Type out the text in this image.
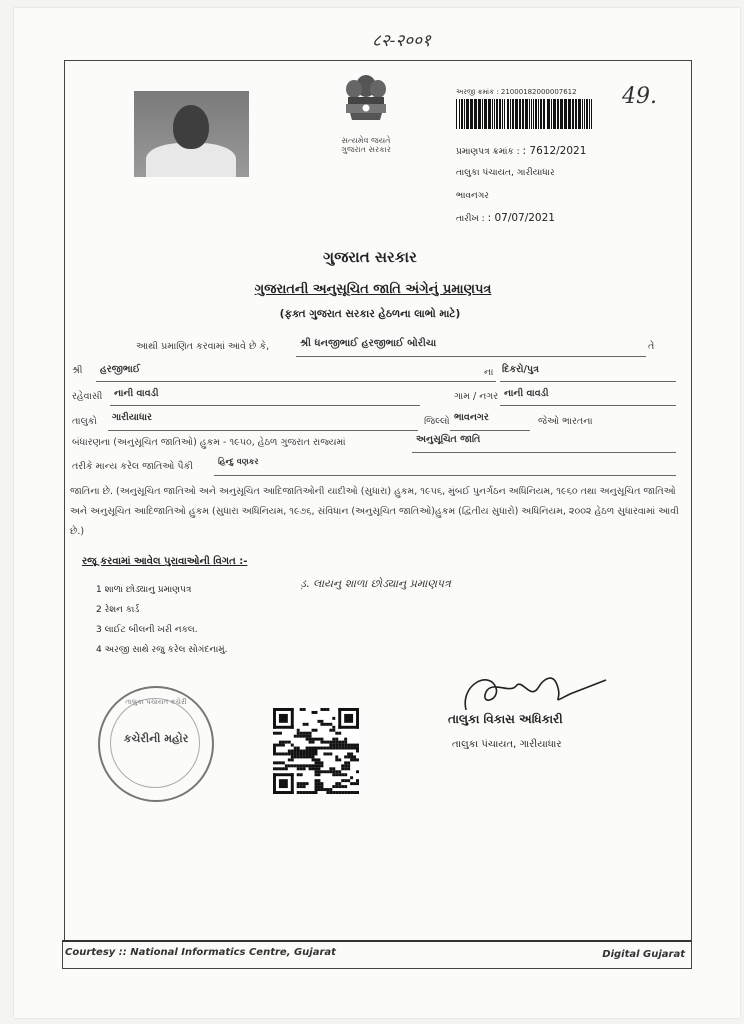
८२-२००१
49.
સત્યમેવ જયતે
ગુજરાત સરકાર
અરજી ક્રમાંક : 21000182000007612
પ્રમાણપત્ર ક્રમાંક : : 7612/2021
તાલુકા પંચાયત, ગારીયાધાર
ભાવનગર
તારીખ : : 07/07/2021
ગુજરાત સરકાર
ગુજરાતની અનુસૂચિત જાતિ અંગેનું પ્રમાણપત્ર
(ફક્ત ગુજરાત સરકાર હેઠળના લાભો માટે)
આથી પ્રમાણિત કરવામાં આવે છે કે,	શ્રી ધનજીભાઈ હરજીભાઈ બોરીચા	તે
શ્રી હરજીભાઈ	ના દિકરો/પુત્ર
રહેવાસી નાની વાવડી	ગામ / નગર નાની વાવડી
તાલુકો ગારીયાધાર	જિલ્લો ભાવનગર	જેઓ ભારતના
બંધારણના (અનુસૂચિત જાતિઓ) હુકમ - ૧૯૫૦, હેઠળ ગુજરાત રાજ્યમાં	અનુસૂચિત જાતિ
તરીકે માન્ય કરેલ જાતિઓ પૈકી	હિન્દુ વણકર
જાતિના છે. (અનુસૂચિત જાતિઓ અને અનુસૂચિત આદિજાતિઓની યાદીઓ (સુધારા) હુકમ, ૧૯૫૬, મુંબઈ પુનર્ગઠન અધિનિયમ, ૧૯૬૦ તથા અનુસૂચિત જાતિઓ અને અનુસૂચિત આદિજાતિઓ હુકમ (સુધારા અધિનિયમ, ૧૯૭૬, સંવિધાન (અનુસૂચિત જાતિઓ)હુકમ (દ્વિતીય સુધારો) અધિનિયમ, ૨૦૦૨ હેઠળ સુધારવામાં આવી છે.)
રજૂ કરવામાં આવેલ પુરાવાઓની વિગત :-
ડ઼. લાયનુ શાળા છોડ્યાનુ પ્રમાણપત્ર
1 શાળા છોડ્યાનુ પ્રમાણપત્ર
2 રેશન કાર્ડ
3 લાઈટ બીલની ખરી નકલ.
4 અરજી સાથે રજુ કરેલ સોગંદનામું.
તાલુકા પંચાયત કચેરી
કચેરીની મહોર
તાલુકા વિકાસ અધિકારી
તાલુકા પંચાયત, ગારીયાધાર
Courtesy :: National Informatics Centre, Gujarat	Digital Gujarat
